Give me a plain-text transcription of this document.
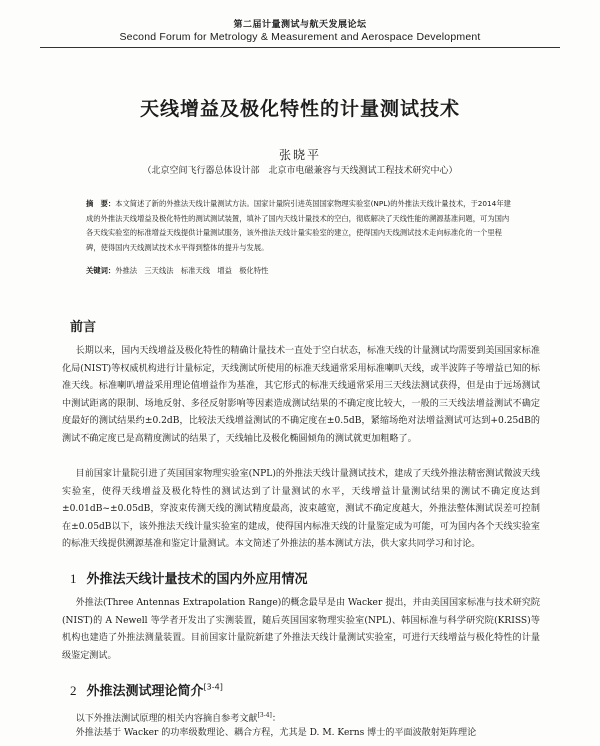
第二届计量测试与航天发展论坛
Second Forum for Metrology & Measurement and Aerospace Development
天线增益及极化特性的计量测试技术
张晓平
（北京空间飞行器总体设计部　北京市电磁兼容与天线测试工程技术研究中心）
摘　要：本文简述了新的外推法天线计量测试方法。国家计量院引进英国国家物理实验室(NPL)的外推法天线计量技术，于2014年建成的外推法天线增益及极化特性的测试测试装置，填补了国内天线计量技术的空白，彻底解决了天线性能的溯源基准问题，可为国内各天线实验室的标准增益天线提供计量测试服务，该外推法天线计量实验室的建立，使得国内天线测试技术走向标准化的一个里程碑，使得国内天线测试技术水平得到整体的提升与发展。
关键词：外推法　三天线法　标准天线　增益　极化特性
前言
长期以来，国内天线增益及极化特性的精确计量技术一直处于空白状态，标准天线的计量测试均需要到美国国家标准化局(NIST)等权威机构进行计量标定，天线测试所使用的标准天线通常采用标准喇叭天线，或半波阵子等增益已知的标准天线。标准喇叭增益采用理论值增益作为基准，其它形式的标准天线通常采用三天线法测试获得，但是由于远场测试中测试距离的限制、场地反射、多径反射影响等因素造成测试结果的不确定度比较大，一般的三天线法增益测试不确定度最好的测试结果约±0.2dB，比较法天线增益测试的不确定度在±0.5dB，紧缩场绝对法增益测试可达到+0.25dB的测试不确定度已是高精度测试的结果了，天线轴比及极化椭圆倾角的测试就更加粗略了。
目前国家计量院引进了英国国家物理实验室(NPL)的外推法天线计量测试技术，建成了天线外推法精密测试微波天线实验室，使得天线增益及极化特性的测试达到了计量测试的水平，天线增益计量测试结果的测试不确定度达到±0.01dB~±0.05dB，穿波束传测天线的测试精度最高，波束越宽，测试不确定度越大，外推法整体测试误差可控制在±0.05dB以下，该外推法天线计量实验室的建成，使得国内标准天线的计量鉴定成为可能，可为国内各个天线实验室的标准天线提供溯源基准和鉴定计量测试。本文简述了外推法的基本测试方法，供大家共同学习和讨论。
1 外推法天线计量技术的国内外应用情况
外推法(Three Antennas Extrapolation Range)的概念最早是由 Wacker 提出，并由美国国家标准与技术研究院(NIST)的 A Newell 等学者开发出了实测装置，随后英国国家物理实验室(NPL)、韩国标准与科学研究院(KRISS)等机构也建造了外推法测量装置。目前国家计量院新建了外推法天线计量测试实验室，可进行天线增益与极化特性的计量级鉴定测试。
2 外推法测试理论简介[3-4]
以下外推法测试原理的相关内容摘自参考文献[3-4]：
外推法基于 Wacker 的功率级数理论、耦合方程，尤其是 D. M. Kerns 博士的平面波散射矩阵理论
